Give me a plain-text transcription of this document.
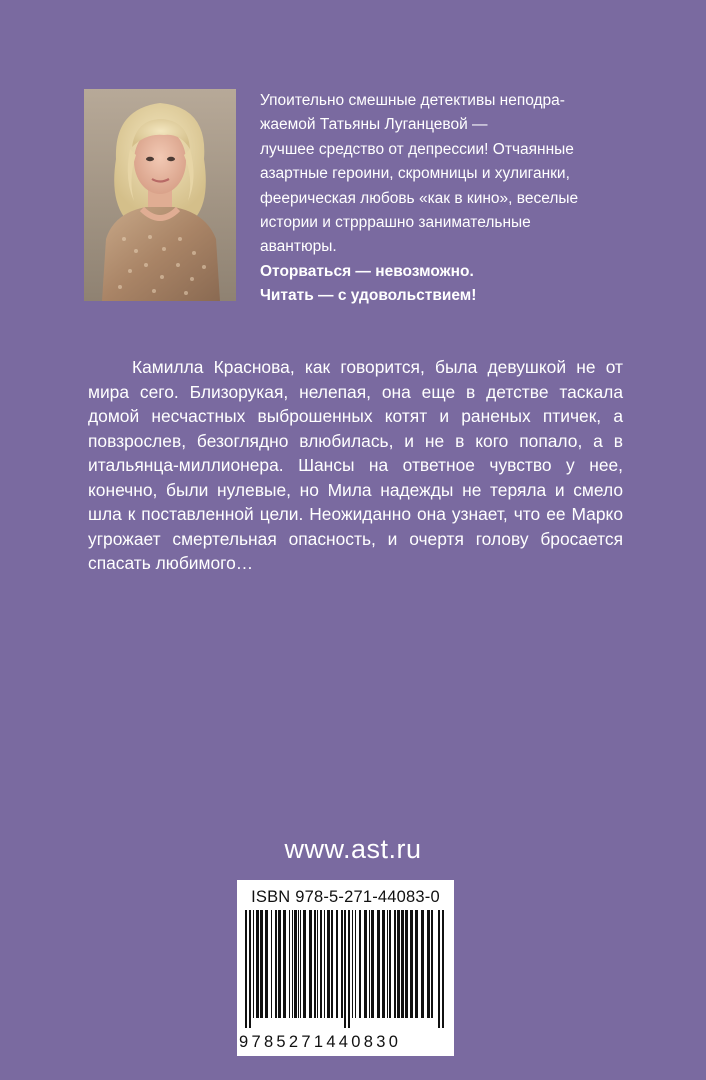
Упоительно смешные детективы неподра-

жаемой Татьяны Луганцевой —

лучшее средство от депрессии! Отчаянные

азартные героини, скромницы и хулиганки,

феерическая любовь «как в кино», веселые

истории и стрррашно занимательные

авантюры.

Оторваться — невозможно.

Читать — с удовольствием!

Камилла Краснова, как говорится, была девушкой не от мира сего. Близорукая, нелепая, она еще в детстве таскала домой несчастных выброшенных котят и раненых птичек, а повзрослев, безоглядно влюбилась, и не в кого попало, а в итальянца-миллионера. Шансы на ответное чувство у нее, конечно, были нулевые, но Мила надежды не теряла и смело шла к поставленной цели. Неожиданно она узнает, что ее Марко угрожает смертельная опасность, и очертя голову бросается спасать любимого…

www.ast.ru
ISBN 978-5-271-44083-0
9785271440830
